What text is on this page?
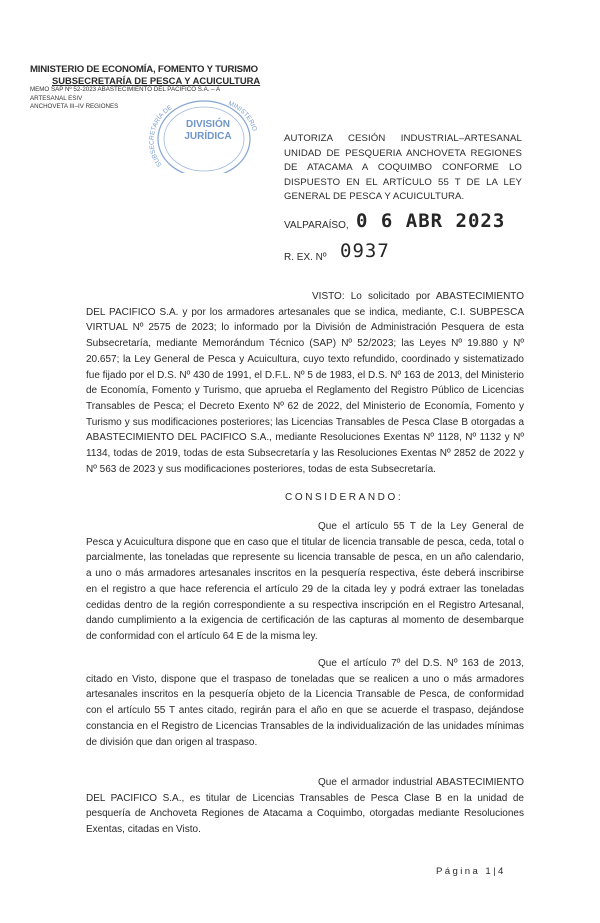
MINISTERIO DE ECONOMÍA, FOMENTO Y TURISMO
SUBSECRETARÍA DE PESCA Y ACUICULTURA
MEMO SAP Nº 52-2023 ABASTECIMIENTO DEL PACIFICO S.A. – A
ARTESANAL ESIV
ANCHOVETA III–IV REGIONES
SUBSECRETARÍA DE	MINISTERIO
DIVISIÓN
JURÍDICA	AUTORIZA CESIÓN INDUSTRIAL–ARTESANAL UNIDAD DE PESQUERIA ANCHOVETA REGIONES DE ATACAMA A COQUIMBO CONFORME LO DISPUESTO EN EL ARTÍCULO 55 T DE LA LEY GENERAL DE PESCA Y ACUICULTURA.
VALPARAÍSO, 0 6 ABR 2023
R. EX. Nº 0937
VISTO: Lo solicitado por ABASTECIMIENTO DEL PACIFICO S.A. y por los armadores artesanales que se indica, mediante, C.I. SUBPESCA VIRTUAL Nº 2575 de 2023; lo informado por la División de Administración Pesquera de esta Subsecretaría, mediante Memorándum Técnico (SAP) Nº 52/2023; las Leyes Nº 19.880 y Nº 20.657; la Ley General de Pesca y Acuicultura, cuyo texto refundido, coordinado y sistematizado fue fijado por el D.S. Nº 430 de 1991, el D.F.L. Nº 5 de 1983, el D.S. Nº 163 de 2013, del Ministerio de Economía, Fomento y Turismo, que aprueba el Reglamento del Registro Público de Licencias Transables de Pesca; el Decreto Exento Nº 62 de 2022, del Ministerio de Economía, Fomento y Turismo y sus modificaciones posteriores; las Licencias Transables de Pesca Clase B otorgadas a ABASTECIMIENTO DEL PACIFICO S.A., mediante Resoluciones Exentas Nº 1128, Nº 1132 y Nº 1134, todas de 2019, todas de esta Subsecretaría y las Resoluciones Exentas Nº 2852 de 2022 y Nº 563 de 2023 y sus modificaciones posteriores, todas de esta Subsecretaría.
CONSIDERANDO:
Que el artículo 55 T de la Ley General de Pesca y Acuicultura dispone que en caso que el titular de licencia transable de pesca, ceda, total o parcialmente, las toneladas que represente su licencia transable de pesca, en un año calendario, a uno o más armadores artesanales inscritos en la pesquería respectiva, éste deberá inscribirse en el registro a que hace referencia el artículo 29 de la citada ley y podrá extraer las toneladas cedidas dentro de la región correspondiente a su respectiva inscripción en el Registro Artesanal, dando cumplimiento a la exigencia de certificación de las capturas al momento de desembarque de conformidad con el artículo 64 E de la misma ley.
Que el artículo 7º del D.S. Nº 163 de 2013, citado en Visto, dispone que el traspaso de toneladas que se realicen a uno o más armadores artesanales inscritos en la pesquería objeto de la Licencia Transable de Pesca, de conformidad con el artículo 55 T antes citado, regirán para el año en que se acuerde el traspaso, dejándose constancia en el Registro de Licencias Transables de la individualización de las unidades mínimas de división que dan origen al traspaso.
Que el armador industrial ABASTECIMIENTO DEL PACIFICO S.A., es titular de Licencias Transables de Pesca Clase B en la unidad de pesquería de Anchoveta Regiones de Atacama a Coquimbo, otorgadas mediante Resoluciones Exentas, citadas en Visto.
Página 1|4
